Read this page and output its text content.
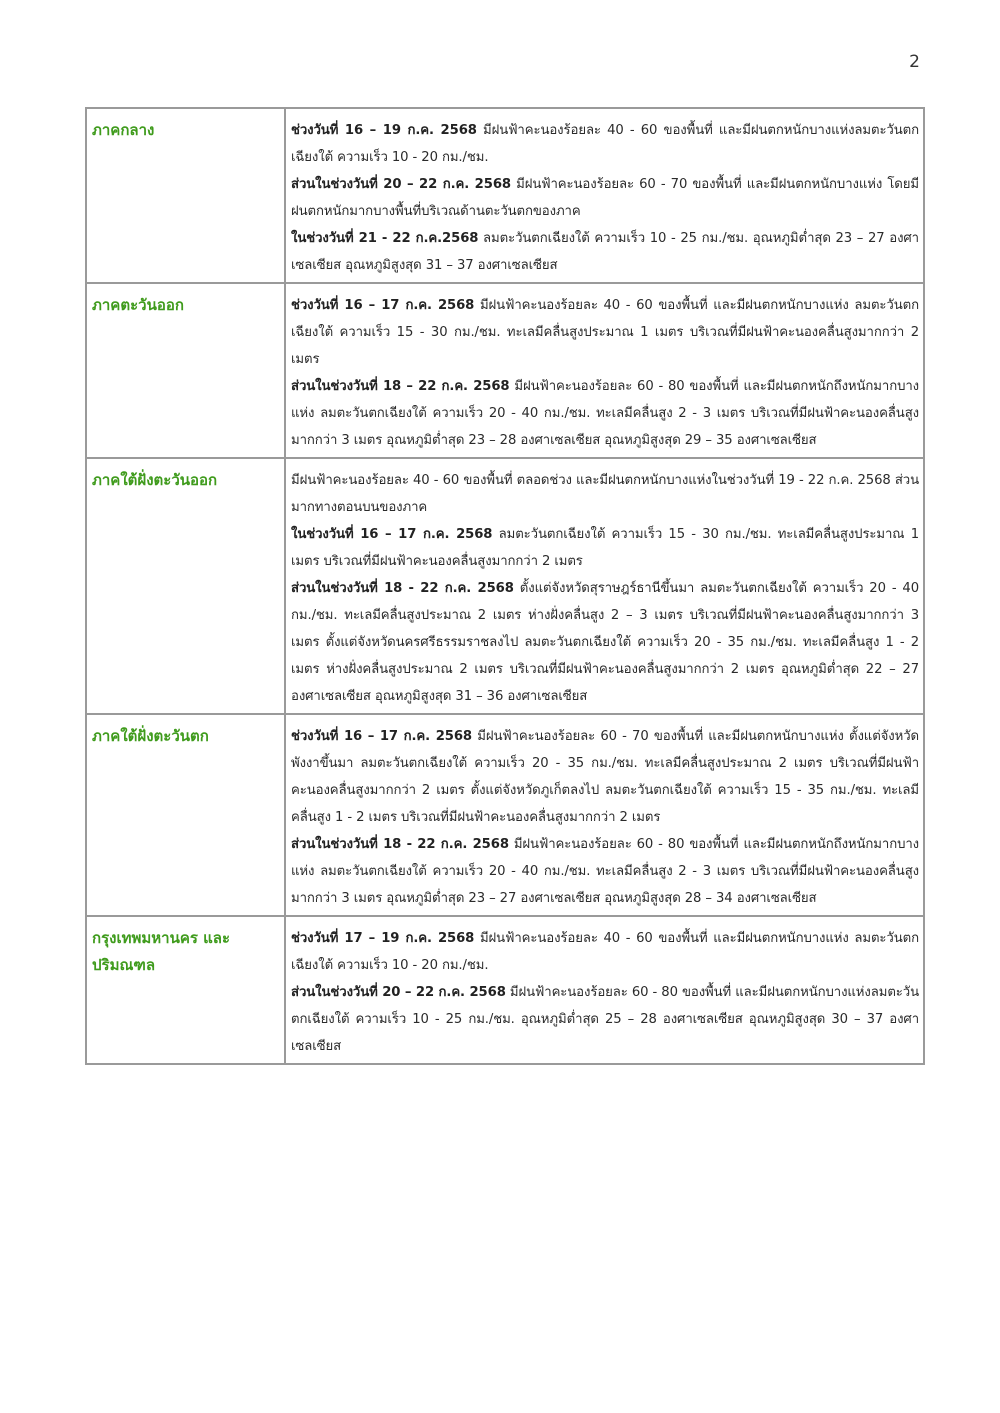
2
ภาคกลาง	ช่วงวันที่ 16 – 19 ก.ค. 2568 มีฝนฟ้าคะนองร้อยละ 40 - 60 ของพื้นที่ และมีฝนตกหนักบางแห่งลมตะวันตกเฉียงใต้ ความเร็ว 10 - 20 กม./ชม.
ส่วนในช่วงวันที่ 20 – 22 ก.ค. 2568 มีฝนฟ้าคะนองร้อยละ 60 - 70 ของพื้นที่ และมีฝนตกหนักบางแห่ง โดยมีฝนตกหนักมากบางพื้นที่บริเวณด้านตะวันตกของภาค
ในช่วงวันที่ 21 - 22 ก.ค.2568 ลมตะวันตกเฉียงใต้ ความเร็ว 10 - 25 กม./ชม. อุณหภูมิต่ำสุด 23 – 27 องศาเซลเซียส อุณหภูมิสูงสุด 31 – 37 องศาเซลเซียส

ภาคตะวันออก	ช่วงวันที่ 16 – 17 ก.ค. 2568 มีฝนฟ้าคะนองร้อยละ 40 - 60 ของพื้นที่ และมีฝนตกหนักบางแห่ง ลมตะวันตกเฉียงใต้ ความเร็ว 15 - 30 กม./ชม. ทะเลมีคลื่นสูงประมาณ 1 เมตร บริเวณที่มีฝนฟ้าคะนองคลื่นสูงมากกว่า 2 เมตร
ส่วนในช่วงวันที่ 18 – 22 ก.ค. 2568 มีฝนฟ้าคะนองร้อยละ 60 - 80 ของพื้นที่ และมีฝนตกหนักถึงหนักมากบางแห่ง ลมตะวันตกเฉียงใต้ ความเร็ว 20 - 40 กม./ชม. ทะเลมีคลื่นสูง 2 - 3 เมตร บริเวณที่มีฝนฟ้าคะนองคลื่นสูงมากกว่า 3 เมตร อุณหภูมิต่ำสุด 23 – 28 องศาเซลเซียส อุณหภูมิสูงสุด 29 – 35 องศาเซลเซียส

ภาคใต้ฝั่งตะวันออก	มีฝนฟ้าคะนองร้อยละ 40 - 60 ของพื้นที่ ตลอดช่วง และมีฝนตกหนักบางแห่งในช่วงวันที่ 19 - 22 ก.ค. 2568 ส่วนมากทางตอนบนของภาค
ในช่วงวันที่ 16 – 17 ก.ค. 2568 ลมตะวันตกเฉียงใต้ ความเร็ว 15 - 30 กม./ชม. ทะเลมีคลื่นสูงประมาณ 1 เมตร บริเวณที่มีฝนฟ้าคะนองคลื่นสูงมากกว่า 2 เมตร
ส่วนในช่วงวันที่ 18 - 22 ก.ค. 2568 ตั้งแต่จังหวัดสุราษฎร์ธานีขึ้นมา ลมตะวันตกเฉียงใต้ ความเร็ว 20 - 40 กม./ชม. ทะเลมีคลื่นสูงประมาณ 2 เมตร ห่างฝั่งคลื่นสูง 2 – 3 เมตร บริเวณที่มีฝนฟ้าคะนองคลื่นสูงมากกว่า 3 เมตร ตั้งแต่จังหวัดนครศรีธรรมราชลงไป ลมตะวันตกเฉียงใต้ ความเร็ว 20 - 35 กม./ชม. ทะเลมีคลื่นสูง 1 - 2 เมตร ห่างฝั่งคลื่นสูงประมาณ 2 เมตร บริเวณที่มีฝนฟ้าคะนองคลื่นสูงมากกว่า 2 เมตร อุณหภูมิต่ำสุด 22 – 27 องศาเซลเซียส อุณหภูมิสูงสุด 31 – 36 องศาเซลเซียส

ภาคใต้ฝั่งตะวันตก	ช่วงวันที่ 16 – 17 ก.ค. 2568 มีฝนฟ้าคะนองร้อยละ 60 - 70 ของพื้นที่ และมีฝนตกหนักบางแห่ง ตั้งแต่จังหวัดพังงาขึ้นมา ลมตะวันตกเฉียงใต้ ความเร็ว 20 - 35 กม./ชม. ทะเลมีคลื่นสูงประมาณ 2 เมตร บริเวณที่มีฝนฟ้าคะนองคลื่นสูงมากกว่า 2 เมตร ตั้งแต่จังหวัดภูเก็ตลงไป ลมตะวันตกเฉียงใต้ ความเร็ว 15 - 35 กม./ชม. ทะเลมีคลื่นสูง 1 - 2 เมตร บริเวณที่มีฝนฟ้าคะนองคลื่นสูงมากกว่า 2 เมตร
ส่วนในช่วงวันที่ 18 - 22 ก.ค. 2568 มีฝนฟ้าคะนองร้อยละ 60 - 80 ของพื้นที่ และมีฝนตกหนักถึงหนักมากบางแห่ง ลมตะวันตกเฉียงใต้ ความเร็ว 20 - 40 กม./ชม. ทะเลมีคลื่นสูง 2 - 3 เมตร บริเวณที่มีฝนฟ้าคะนองคลื่นสูงมากกว่า 3 เมตร อุณหภูมิต่ำสุด 23 – 27 องศาเซลเซียส อุณหภูมิสูงสุด 28 – 34 องศาเซลเซียส

กรุงเทพมหานคร และปริมณฑล	ช่วงวันที่ 17 – 19 ก.ค. 2568 มีฝนฟ้าคะนองร้อยละ 40 - 60 ของพื้นที่ และมีฝนตกหนักบางแห่ง ลมตะวันตกเฉียงใต้ ความเร็ว 10 - 20 กม./ชม.
ส่วนในช่วงวันที่ 20 – 22 ก.ค. 2568 มีฝนฟ้าคะนองร้อยละ 60 - 80 ของพื้นที่ และมีฝนตกหนักบางแห่งลมตะวันตกเฉียงใต้ ความเร็ว 10 - 25 กม./ชม. อุณหภูมิต่ำสุด 25 – 28 องศาเซลเซียส อุณหภูมิสูงสุด 30 – 37 องศาเซลเซียส
